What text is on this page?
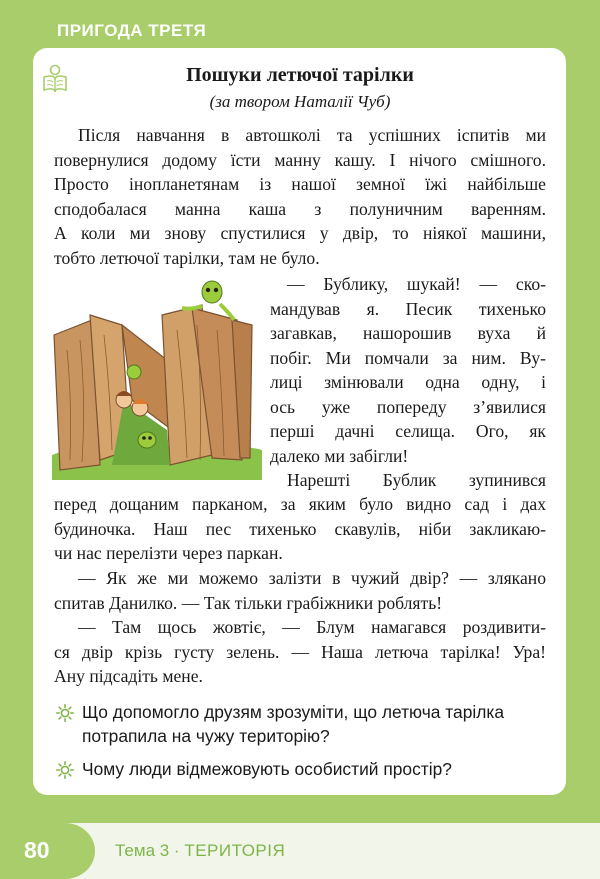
ПРИГОДА ТРЕТЯ
Пошуки летючої тарілки
(за твором Наталії Чуб)
Після навчання в автошколі та успішних іспитів ми
повернулися додому їсти манну кашу. І нічого смішного.
Просто інопланетянам із нашої земної їжі найбільше
сподобалася манна каша з полуничним варенням.
А коли ми знову спустилися у двір, то ніякої машини,
тобто летючої тарілки, там не було.
— Бублику, шукай! — ско-
мандував я. Песик тихенько
загавкав, нашорошив вуха й
побіг. Ми помчали за ним. Ву-
лиці змінювали одна одну, і
ось уже попереду з’явилися
перші дачні селища. Ого, як
далеко ми забігли!
Нарешті Бублик зупинився
перед дощаним парканом, за яким було видно сад і дах
будиночка. Наш пес тихенько скавулів, ніби закликаю-
чи нас перелізти через паркан.
— Як же ми можемо залізти в чужий двір? — злякано
спитав Данилко. — Так тільки грабіжники роблять!
— Там щось жовтіє, — Блум намагався роздивити-
ся двір крізь густу зелень. — Наша летюча тарілка! Ура!
Ану підсадіть мене.
Що допомогло друзям зрозуміти, що летюча тарілка
потрапила на чужу територію?
Чому люди відмежовують особистий простір?
80	Тема 3 · ТЕРИТОРІЯ
